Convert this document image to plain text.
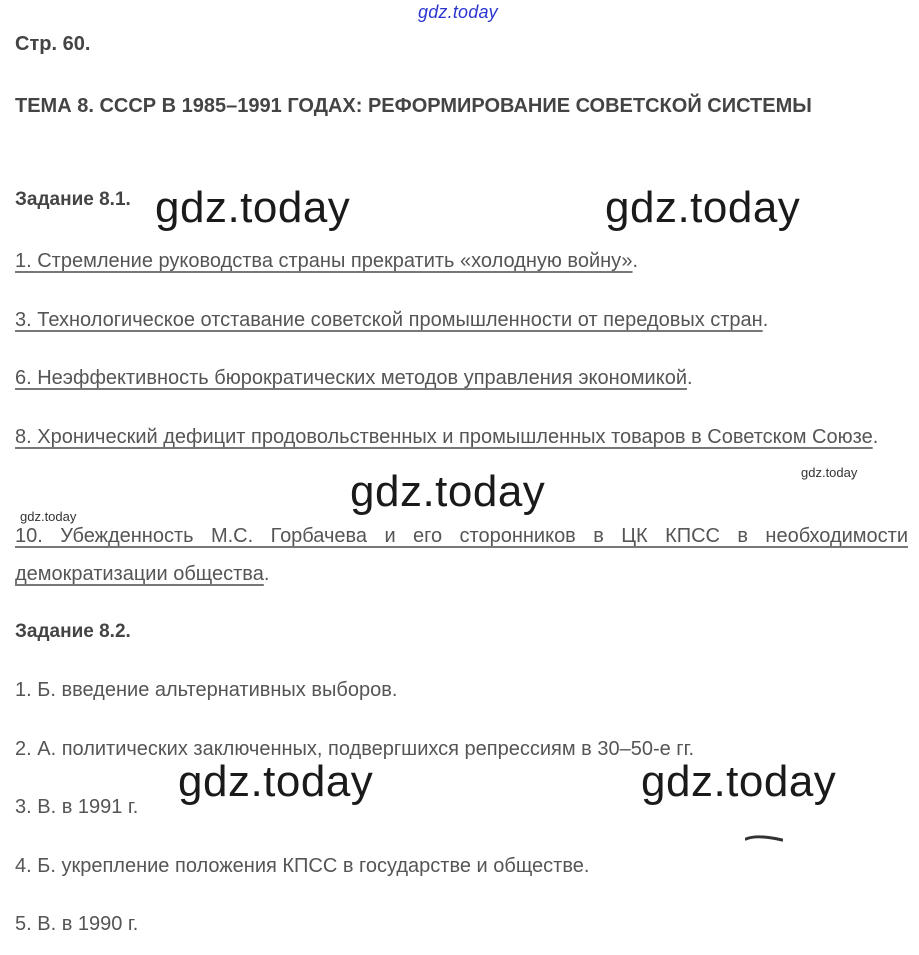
gdz.today
Стр. 60.
ТЕМА 8. СССР В 1985–1991 ГОДАХ: РЕФОРМИРОВАНИЕ СОВЕТСКОЙ СИСТЕМЫ
Задание 8.1. gdz.today	gdz.today
1. Стремление руководства страны прекратить «холодную войну».
3. Технологическое отставание советской промышленности от передовых стран.
6. Неэффективность бюрократических методов управления экономикой.
8. Хронический дефицит продовольственных и промышленных товаров в Советском Союзе.
gdz.today
gdz.today
gdz.today
10. Убежденность М.С. Горбачева и его сторонников в ЦК КПСС в необходимости демократизации общества.
Задание 8.2.
1. Б. введение альтернативных выборов.
2. А. политических заключенных, подвергшихся репрессиям в 30–50-е гг.
gdz.today	gdz.today
3. В. в 1991 г.
4. Б. укрепление положения КПСС в государстве и обществе.
5. В. в 1990 г.
